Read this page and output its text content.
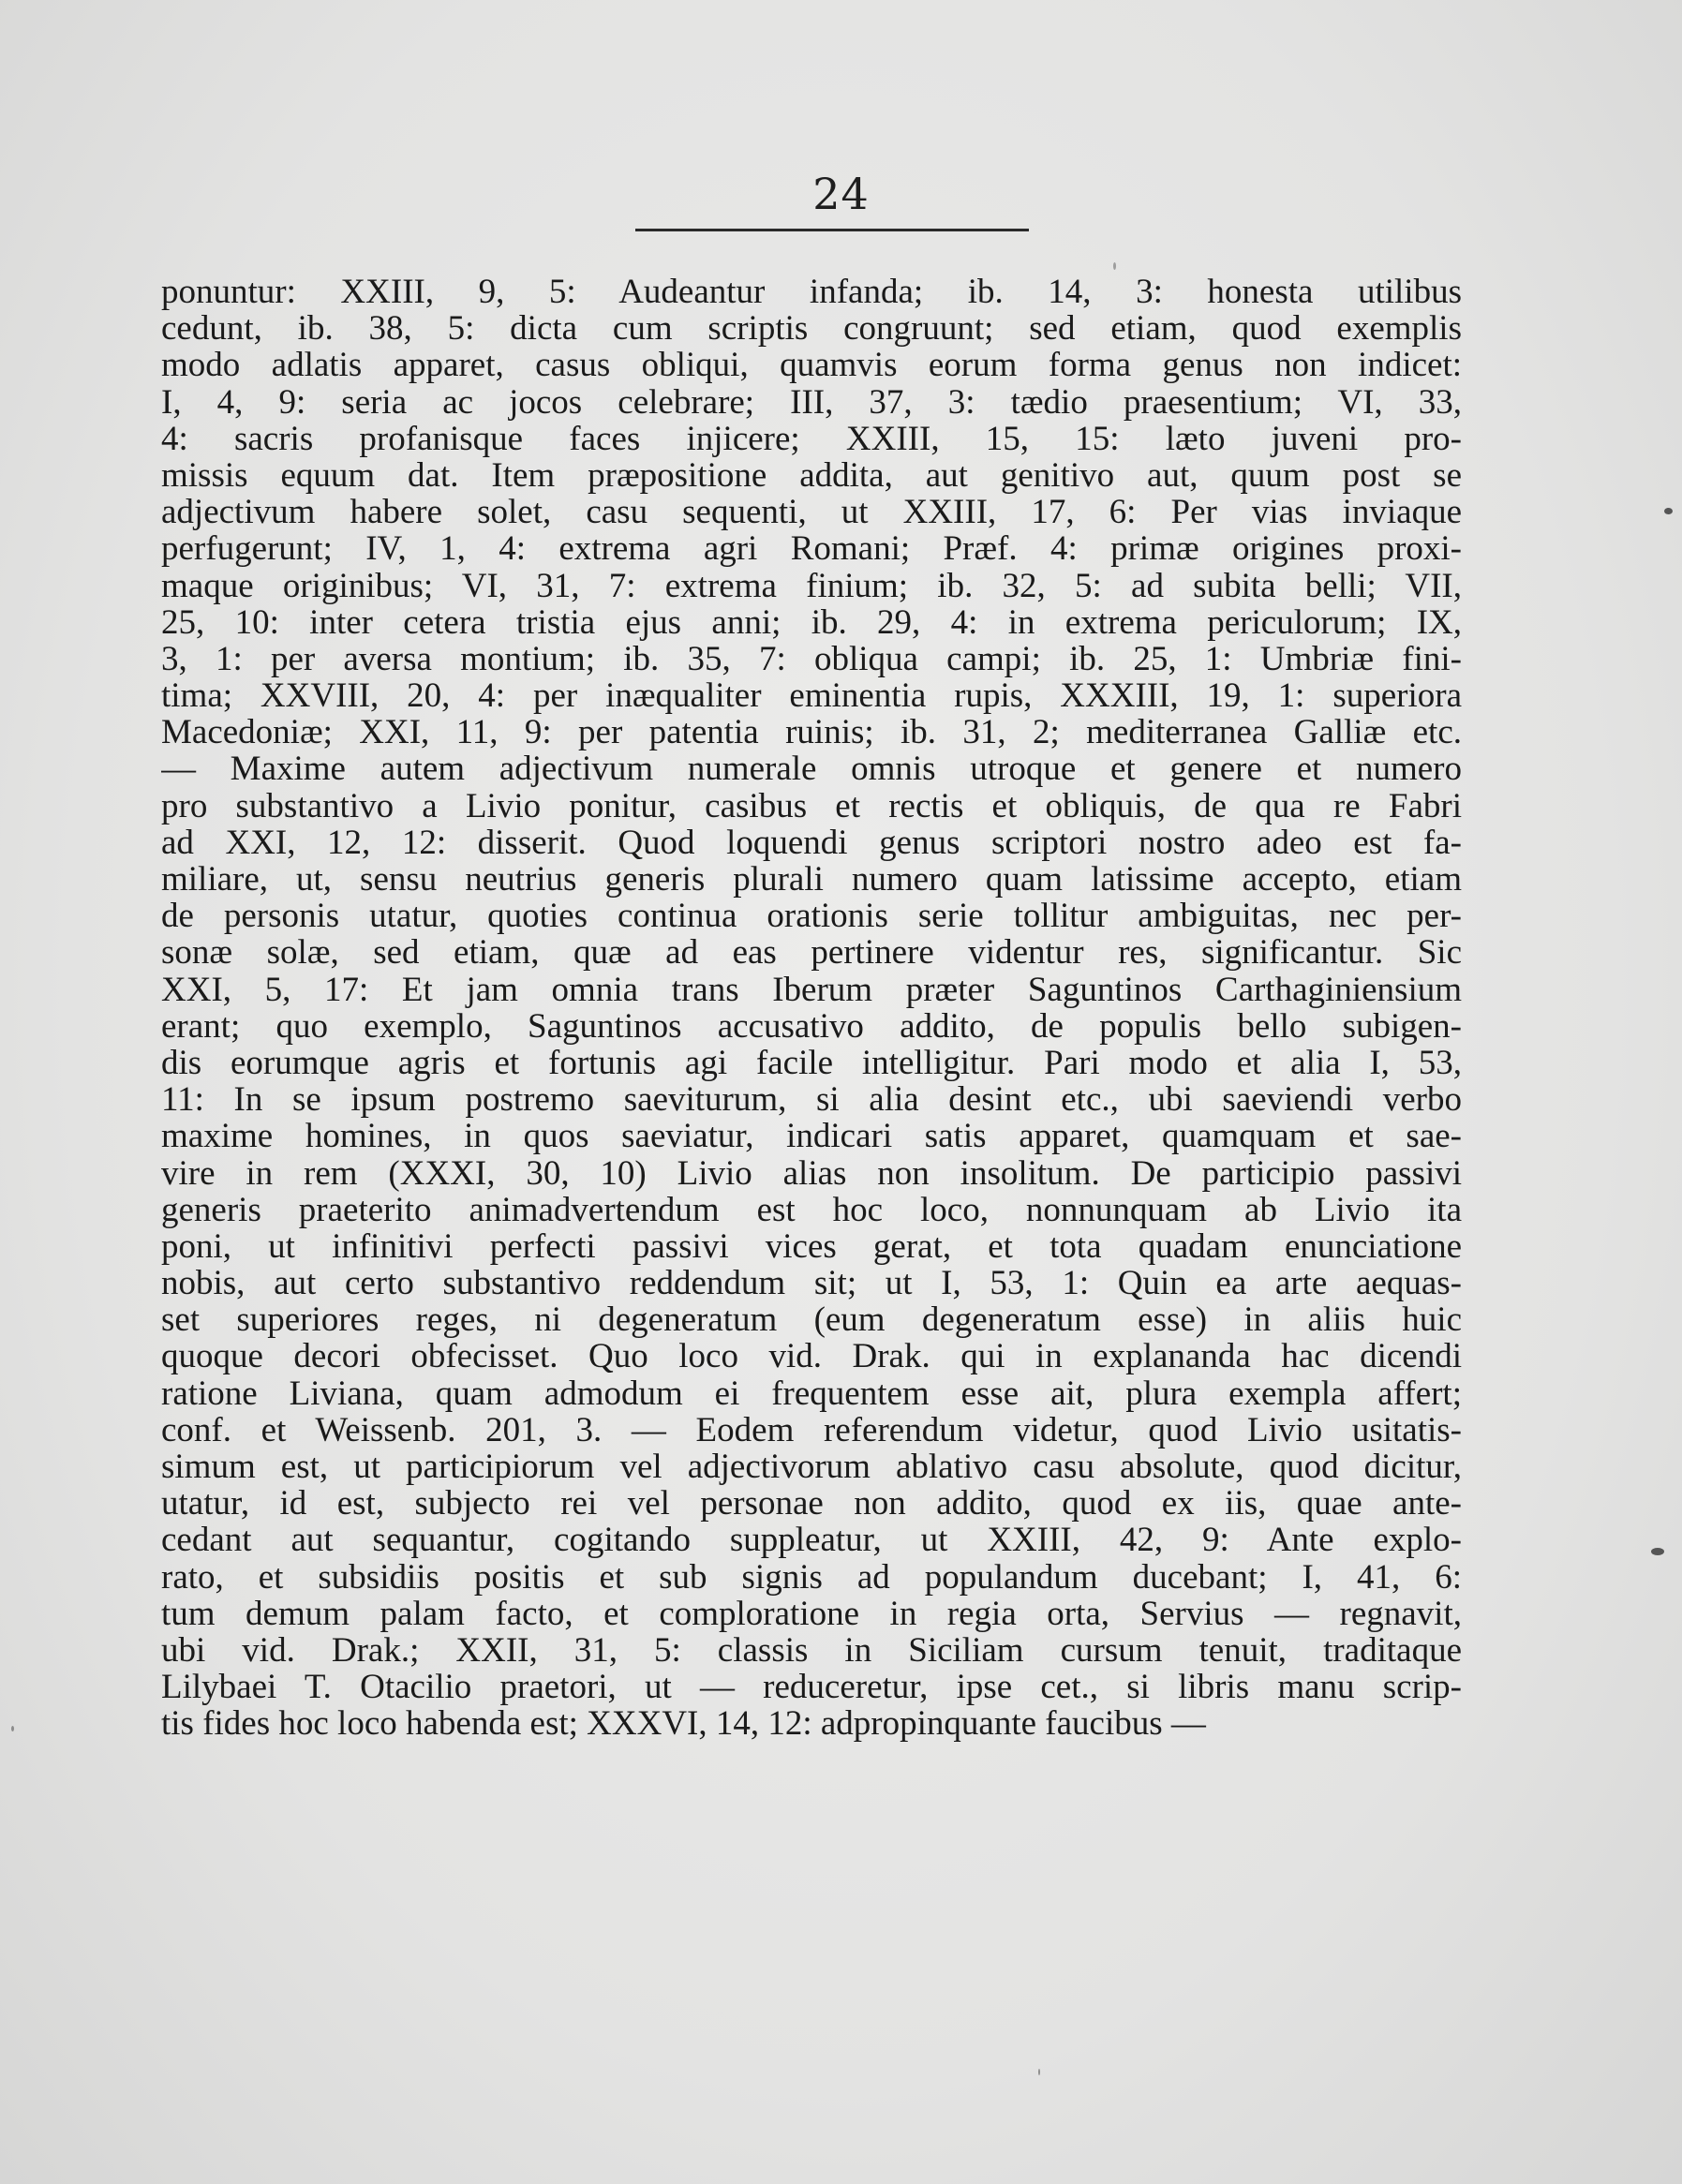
24
ponuntur: XXIII, 9, 5: Audeantur infanda; ib. 14, 3: honesta utilibus
cedunt, ib. 38, 5: dicta cum scriptis congruunt; sed etiam, quod exemplis
modo adlatis apparet, casus obliqui, quamvis eorum forma genus non indicet:
I, 4, 9: seria ac jocos celebrare; III, 37, 3: tædio praesentium; VI, 33,
4: sacris profanisque faces injicere; XXIII, 15, 15: læto juveni pro-
missis equum dat. Item præpositione addita, aut genitivo aut, quum post se
adjectivum habere solet, casu sequenti, ut XXIII, 17, 6: Per vias inviaque
perfugerunt; IV, 1, 4: extrema agri Romani; Præf. 4: primæ origines proxi-
maque originibus; VI, 31, 7: extrema finium; ib. 32, 5: ad subita belli; VII,
25, 10: inter cetera tristia ejus anni; ib. 29, 4: in extrema periculorum; IX,
3, 1: per aversa montium; ib. 35, 7: obliqua campi; ib. 25, 1: Umbriæ fini-
tima; XXVIII, 20, 4: per inæqualiter eminentia rupis, XXXIII, 19, 1: superiora
Macedoniæ; XXI, 11, 9: per patentia ruinis; ib. 31, 2; mediterranea Galliæ etc.
— Maxime autem adjectivum numerale omnis utroque et genere et numero
pro substantivo a Livio ponitur, casibus et rectis et obliquis, de qua re Fabri
ad XXI, 12, 12: disserit. Quod loquendi genus scriptori nostro adeo est fa-
miliare, ut, sensu neutrius generis plurali numero quam latissime accepto, etiam
de personis utatur, quoties continua orationis serie tollitur ambiguitas, nec per-
sonæ solæ, sed etiam, quæ ad eas pertinere videntur res, significantur. Sic
XXI, 5, 17: Et jam omnia trans Iberum præter Saguntinos Carthaginiensium
erant; quo exemplo, Saguntinos accusativo addito, de populis bello subigen-
dis eorumque agris et fortunis agi facile intelligitur. Pari modo et alia I, 53,
11: In se ipsum postremo saeviturum, si alia desint etc., ubi saeviendi verbo
maxime homines, in quos saeviatur, indicari satis apparet, quamquam et sae-
vire in rem (XXXI, 30, 10) Livio alias non insolitum. De participio passivi
generis praeterito animadvertendum est hoc loco, nonnunquam ab Livio ita
poni, ut infinitivi perfecti passivi vices gerat, et tota quadam enunciatione
nobis, aut certo substantivo reddendum sit; ut I, 53, 1: Quin ea arte aequas-
set superiores reges, ni degeneratum (eum degeneratum esse) in aliis huic
quoque decori obfecisset. Quo loco vid. Drak. qui in explananda hac dicendi
ratione Liviana, quam admodum ei frequentem esse ait, plura exempla affert;
conf. et Weissenb. 201, 3. — Eodem referendum videtur, quod Livio usitatis-
simum est, ut participiorum vel adjectivorum ablativo casu absolute, quod dicitur,
utatur, id est, subjecto rei vel personae non addito, quod ex iis, quae ante-
cedant aut sequantur, cogitando suppleatur, ut XXIII, 42, 9: Ante explo-
rato, et subsidiis positis et sub signis ad populandum ducebant; I, 41, 6:
tum demum palam facto, et comploratione in regia orta, Servius — regnavit,
ubi vid. Drak.; XXII, 31, 5: classis in Siciliam cursum tenuit, traditaque
Lilybaei T. Otacilio praetori, ut — reduceretur, ipse cet., si libris manu scrip-
tis fides hoc loco habenda est; XXXVI, 14, 12: adpropinquante faucibus —
